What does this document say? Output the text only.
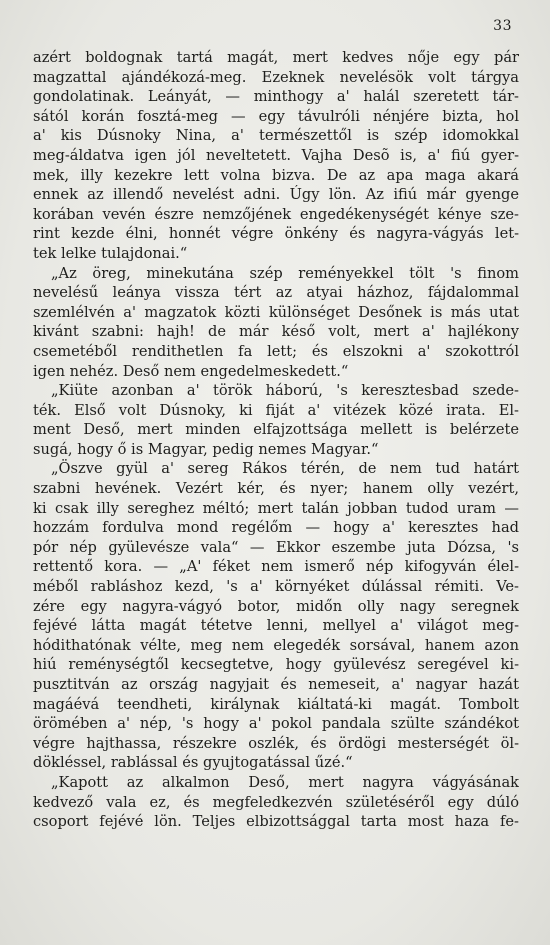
33
azért boldognak tartá magát, mert kedves nője egy pár
magzattal ajándékozá-meg. Ezeknek nevelésök volt tárgya
gondolatinak. Leányát, — minthogy a' halál szeretett tár-
sától korán fosztá-meg — egy távulróli nénjére bizta, hol
a' kis Dúsnoky Nina, a' természettől is szép idomokkal
meg-áldatva igen jól neveltetett. Vajha Desõ is, a' fiú gyer-
mek, illy kezekre lett volna bizva. De az apa maga akará
ennek az illendő nevelést adni. Úgy lön. Az ifiú már gyenge
korában vevén észre nemzőjének engedékenységét kénye sze-
rint kezde élni, honnét végre önkény és nagyra-vágyás let-
tek lelke tulajdonai.“
„Az öreg, minekutána szép reményekkel tölt 's finom
nevelésű leánya vissza tért az atyai házhoz, fájdalommal
szemlélvén a' magzatok közti különséget Desőnek is más utat
kivánt szabni: hajh! de már késő volt, mert a' hajlékony
csemetéből rendithetlen fa lett; és elszokni a' szokottról
igen nehéz. Deső nem engedelmeskedett.“
„Kiüte azonban a' török háború, 's keresztesbad szede-
ték. Első volt Dúsnoky, ki fiját a' vitézek közé irata. El-
ment Deső, mert minden elfajzottsága mellett is belérzete
sugá, hogy ő is Magyar, pedig nemes Magyar.“
„Öszve gyül a' sereg Rákos térén, de nem tud határt
szabni hevének. Vezért kér, és nyer; hanem olly vezért,
ki csak illy sereghez méltó; mert talán jobban tudod uram —
hozzám fordulva mond regélőm — hogy a' keresztes had
pór nép gyülevésze vala“ — Ekkor eszembe juta Dózsa, 's
rettentő kora. — „A' féket nem ismerő nép kifogyván élel-
méből rabláshoz kezd, 's a' környéket dúlással rémiti. Ve-
zére egy nagyra-vágyó botor, midőn olly nagy seregnek
fejévé látta magát tétetve lenni, mellyel a' világot meg-
hódithatónak vélte, meg nem elegedék sorsával, hanem azon
hiú reménységtől kecsegtetve, hogy gyülevész seregével ki-
pusztitván az ország nagyjait és nemeseit, a' nagyar hazát
magáévá teendheti, királynak kiáltatá-ki magát. Tombolt
örömében a' nép, 's hogy a' pokol pandala szülte szándékot
végre hajthassa, részekre oszlék, és ördögi mesterségét öl-
dökléssel, rablással és gyujtogatással űzé.“
„Kapott az alkalmon Deső, mert nagyra vágyásának
kedvező vala ez, és megfeledkezvén születéséről egy dúló
csoport fejévé lön. Teljes elbizottsággal tarta most haza fe-
